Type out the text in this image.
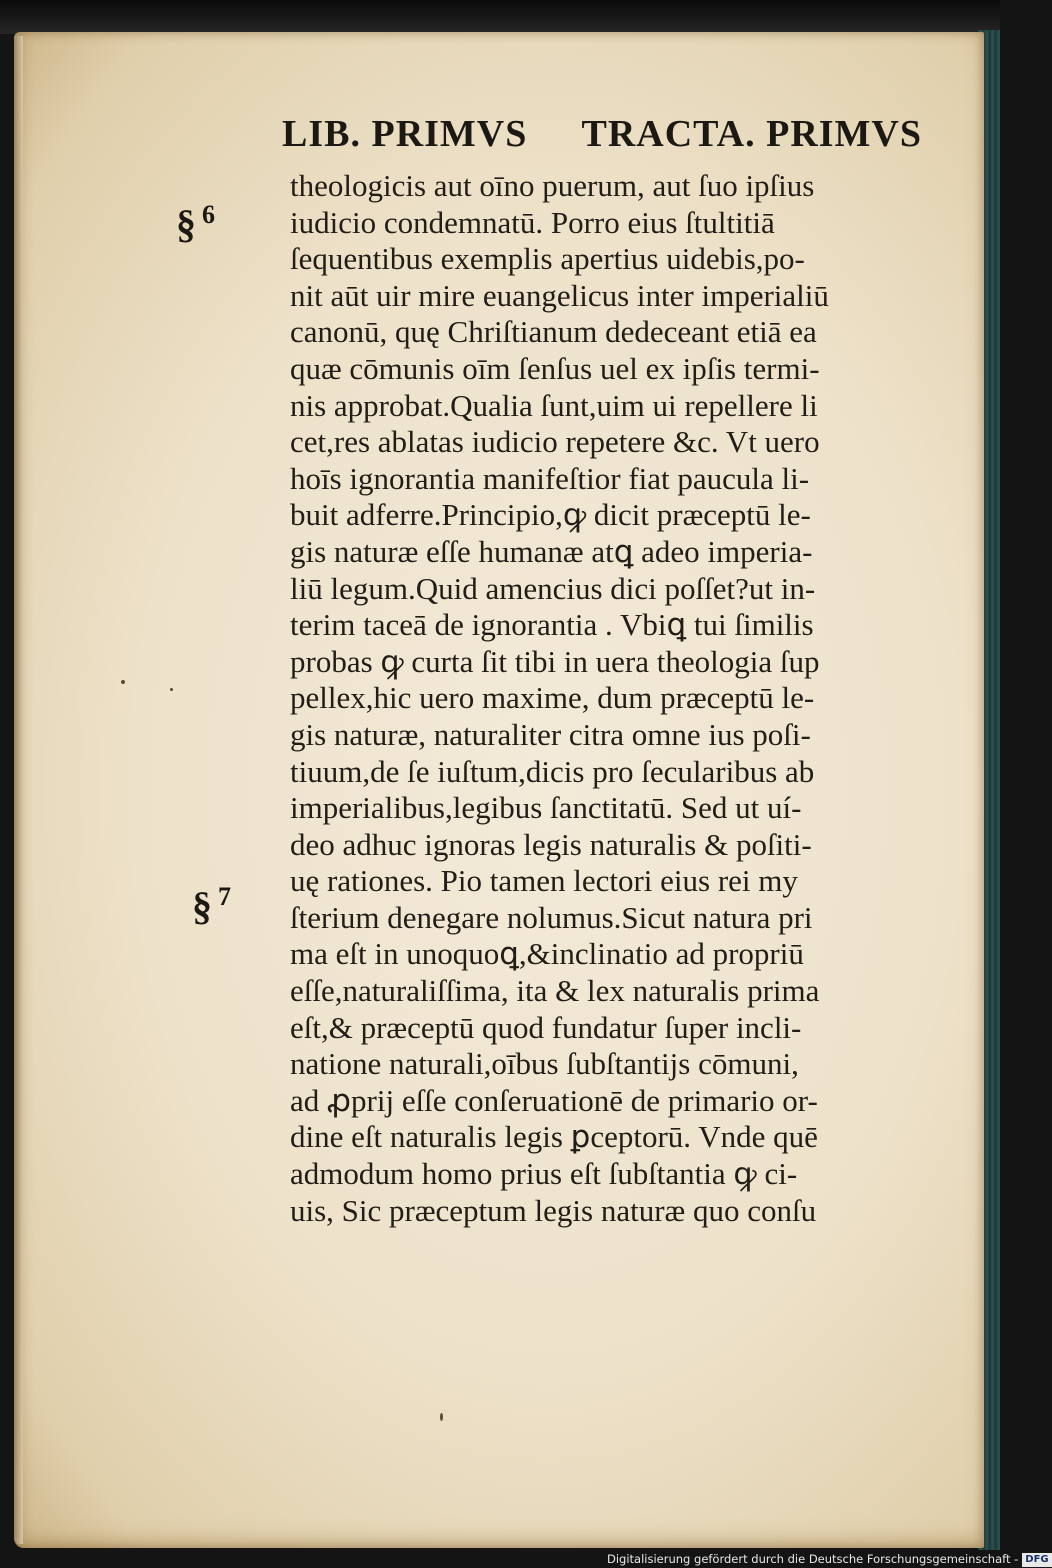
LIB. PRIMVS TRACTA. PRIMVS
§ $^6$
§ $^7$
theologicis aut oīno puerum, aut ſuo ipſius
iudicio condemnatū. Porro eius ſtultitiā
ſequentibus exemplis apertius uidebis,po-
nit aūt uir mire euangelicus inter imperialiū
canonū, quę Chriſtianum dedeceant etiā ea
quæ cōmunis oīm ſenſus uel ex ipſis termi-
nis approbat.Qualia ſunt,uim ui repellere li
cet,res ablatas iudicio repetere &c. Vt uero
hoīs ignorantia manifeſtior fiat paucula li-
buit adferre.Principio,ꝙ dicit præceptū le-
gis naturæ eſſe humanæ atꝗ adeo imperia-
liū legum.Quid amencius dici poſſet?ut in-
terim taceā de ignorantia . Vbiꝗ tui ſimilis
probas ꝙ curta ſit tibi in uera theologia ſup
pellex,hic uero maxime, dum præceptū le-
gis naturæ, naturaliter citra omne ius poſi-
tiuum,de ſe iuſtum,dicis pro ſecularibus ab
imperialibus,legibus ſanctitatū. Sed ut uí-
deo adhuc ignoras legis naturalis & poſiti-
uę rationes. Pio tamen lectori eius rei my
ſterium denegare nolumus.Sicut natura pri
ma eſt in unoquoꝗ,&inclinatio ad propriū
eſſe,naturaliſſima, ita & lex naturalis prima
eſt,& præceptū quod fundatur ſuper incli-
natione naturali,oībus ſubſtantijs cōmuni,
ad ꝓprij eſſe conſeruationē de primario or-
dine eſt naturalis legis ꝑceptorū. Vnde quē
admodum homo prius eſt ſubſtantia ꝙ ci-
uis, Sic præceptum legis naturæ quo conſu
Digitalisierung gefördert durch die Deutsche Forschungsgemeinschaft - DFG
